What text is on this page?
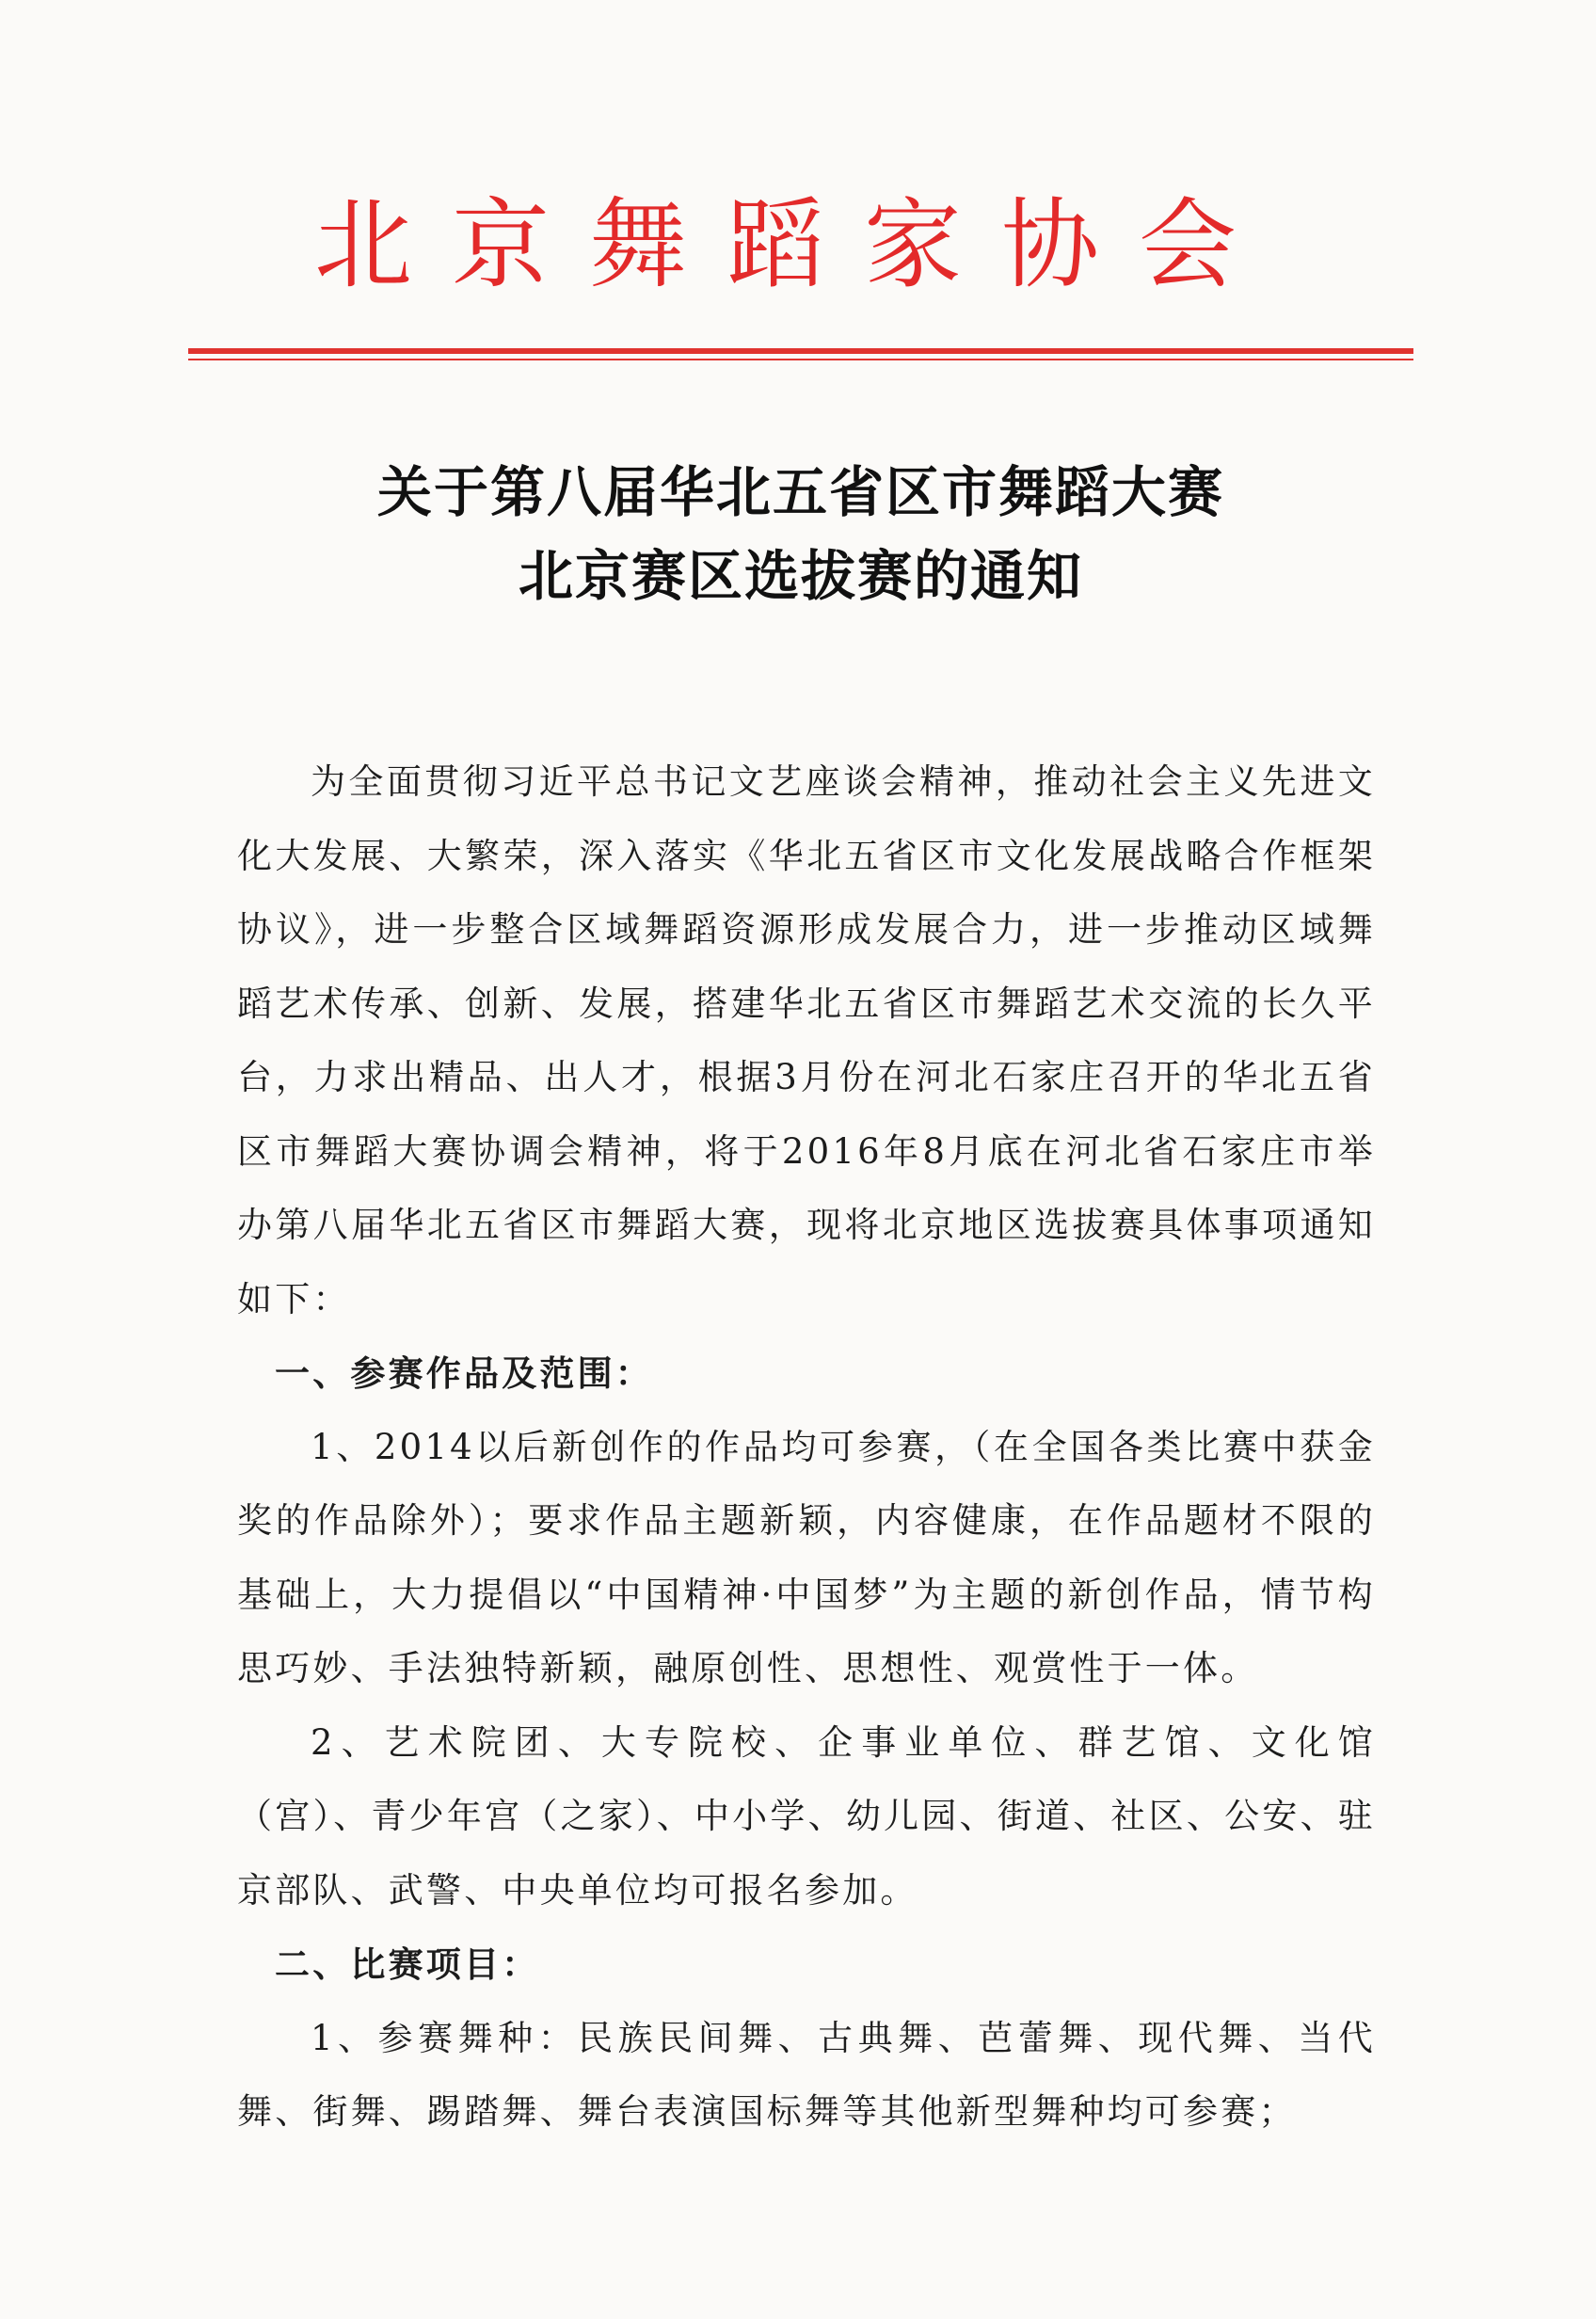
北京舞蹈家协会
关于第八届华北五省区市舞蹈大赛
北京赛区选拔赛的通知

为全面贯彻习近平总书记文艺座谈会精神，推动社会主义先进文化大发展、大繁荣，深入落实《华北五省区市文化发展战略合作框架协议》，进一步整合区域舞蹈资源形成发展合力，进一步推动区域舞蹈艺术传承、创新、发展，搭建华北五省区市舞蹈艺术交流的长久平台，力求出精品、出人才，根据3月份在河北石家庄召开的华北五省区市舞蹈大赛协调会精神，将于2016年8月底在河北省石家庄市举办第八届华北五省区市舞蹈大赛，现将北京地区选拔赛具体事项通知如下：

一、参赛作品及范围：

1、2014以后新创作的作品均可参赛，（在全国各类比赛中获金奖的作品除外）；要求作品主题新颖，内容健康，在作品题材不限的基础上，大力提倡以“中国精神·中国梦”为主题的新创作品，情节构思巧妙、手法独特新颖，融原创性、思想性、观赏性于一体。

2、艺术院团、大专院校、企事业单位、群艺馆、文化馆（宫）、青少年宫（之家）、中小学、幼儿园、街道、社区、公安、驻京部队、武警、中央单位均可报名参加。

二、比赛项目：

1、参赛舞种：民族民间舞、古典舞、芭蕾舞、现代舞、当代舞、街舞、踢踏舞、舞台表演国标舞等其他新型舞种均可参赛；
